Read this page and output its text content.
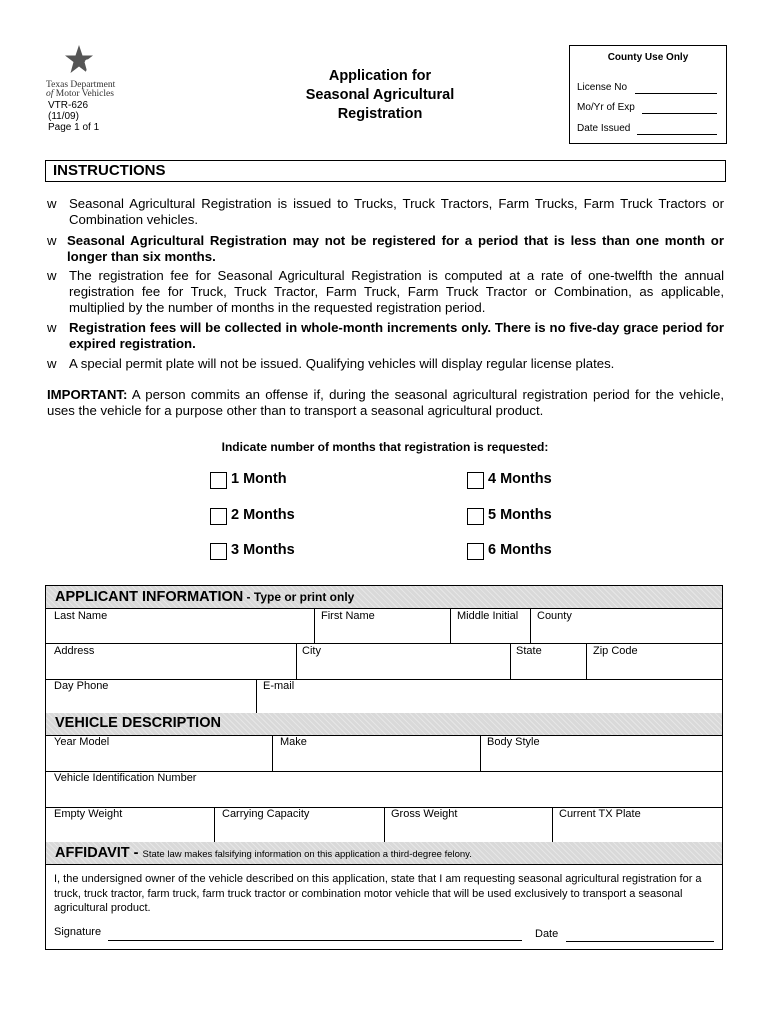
Texas Department
of Motor Vehicles
VTR-626
(11/09)
Page 1 of 1
Application for
Seasonal Agricultural
Registration
County Use Only
License No
Mo/Yr of Exp
Date Issued
INSTRUCTIONS
w Seasonal Agricultural Registration is issued to Trucks, Truck Tractors, Farm Trucks, Farm Truck Tractors or Combination vehicles.
w Seasonal Agricultural Registration may not be registered for a period that is less than one month or longer than six months.
w The registration fee for Seasonal Agricultural Registration is computed at a rate of one-twelfth the annual registration fee for Truck, Truck Tractor, Farm Truck, Farm Truck Tractor or Combination, as applicable, multiplied by the number of months in the requested registration period.
w Registration fees will be collected in whole-month increments only. There is no five-day grace period for expired registration.
w A special permit plate will not be issued. Qualifying vehicles will display regular license plates.
IMPORTANT: A person commits an offense if, during the seasonal agricultural registration period for the vehicle, uses the vehicle for a purpose other than to transport a seasonal agricultural product.
Indicate number of months that registration is requested:
1 Month
2 Months
3 Months
4 Months
5 Months
6 Months
APPLICANT INFORMATION - Type or print only
Last Name	First Name	Middle Initial County
Address	City	State	Zip Code
Day Phone	E-mail
VEHICLE DESCRIPTION
Year Model	Make	Body Style
Vehicle Identification Number
Empty Weight	Carrying Capacity	Gross Weight	Current TX Plate
AFFIDAVIT - State law makes falsifying information on this application a third-degree felony.
I, the undersigned owner of the vehicle described on this application, state that I am requesting seasonal agricultural registration for a truck, truck tractor, farm truck, farm truck tractor or combination motor vehicle that will be used exclusively to transport a seasonal agricultural product.
Signature	Date
